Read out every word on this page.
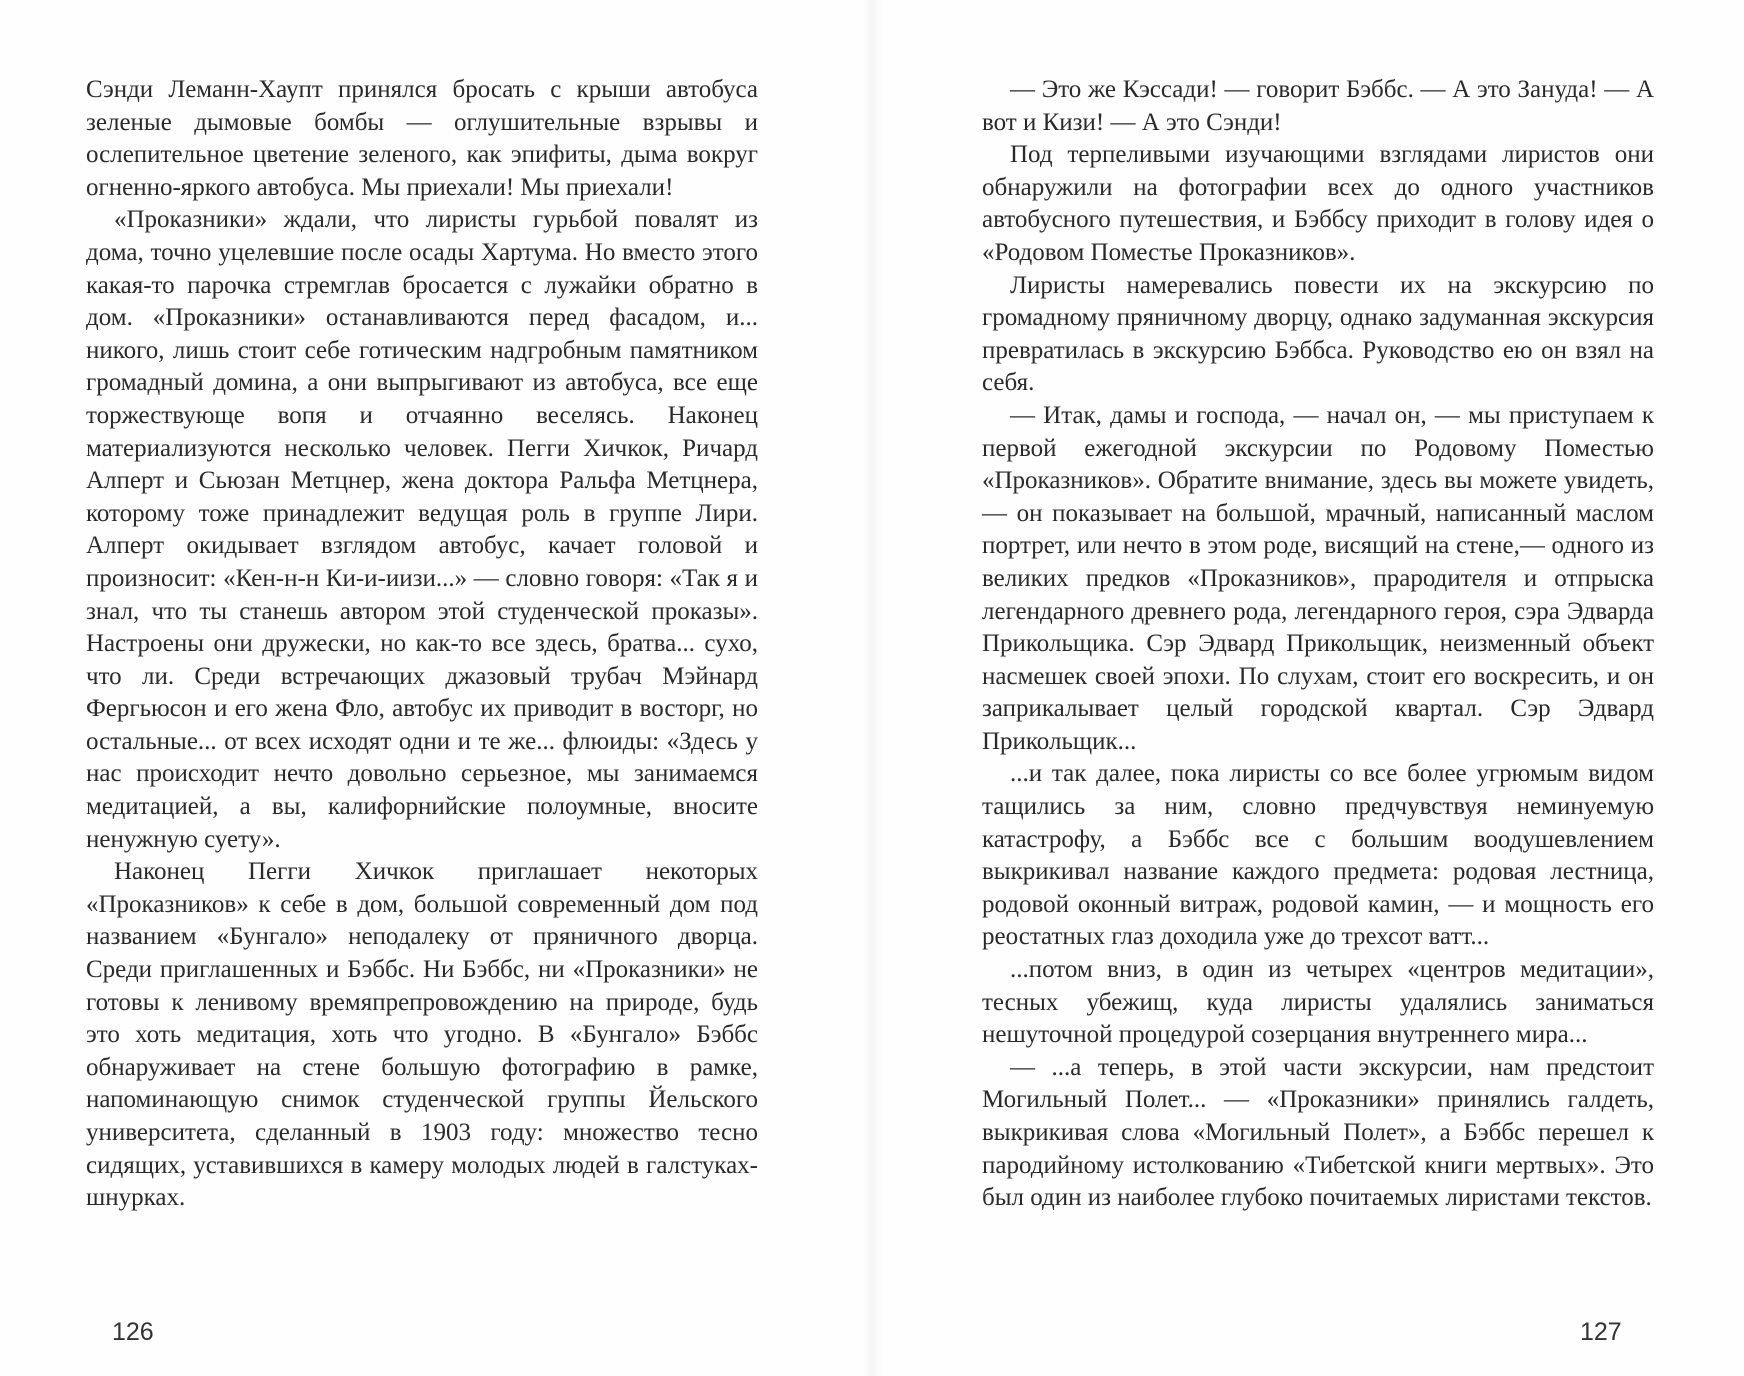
Сэнди Леманн-Хаупт принялся бросать с крыши автобуса зеленые дымовые бомбы — оглушительные взрывы и ослепительное цветение зеленого, как эпифиты, дыма вокруг огненно-яркого автобуса. Мы приехали! Мы приехали!

«Проказники» ждали, что лиристы гурьбой повалят из дома, точно уцелевшие после осады Хартума. Но вместо этого какая-то парочка стремглав бросается с лужайки обратно в дом. «Проказники» останавливаются перед фасадом, и... никого, лишь стоит себе готическим надгробным памятником громадный домина, а они выпрыгивают из автобуса, все еще торжествующе вопя и отчаянно веселясь. Наконец материализуются несколько человек. Пегги Хичкок, Ричард Алперт и Сьюзан Метцнер, жена доктора Ральфа Метцнера, которому тоже принадлежит ведущая роль в группе Лири. Алперт окидывает взглядом автобус, качает головой и произносит: «Кен-н-н Ки-и-иизи...» — словно говоря: «Так я и знал, что ты станешь автором этой студенческой проказы». Настроены они дружески, но как-то все здесь, братва... сухо, что ли. Среди встречающих джазовый трубач Мэйнард Фергьюсон и его жена Фло, автобус их приводит в восторг, но остальные... от всех исходят одни и те же... флюиды: «Здесь у нас происходит нечто довольно серьезное, мы занимаемся медитацией, а вы, калифорнийские полоумные, вносите ненужную суету».

Наконец Пегги Хичкок приглашает некоторых «Проказников» к себе в дом, большой современный дом под названием «Бунгало» неподалеку от пряничного дворца. Среди приглашенных и Бэббс. Ни Бэббс, ни «Проказники» не готовы к ленивому времяпрепровождению на природе, будь это хоть медитация, хоть что угодно. В «Бунгало» Бэббс обнаруживает на стене большую фотографию в рамке, напоминающую снимок студенческой группы Йельского университета, сделанный в 1903 году: множество тесно сидящих, уставившихся в камеру молодых людей в галстуках-шнурках.

126

— Это же Кэссади! — говорит Бэббс. — А это Зануда! — А вот и Кизи! — А это Сэнди!

Под терпеливыми изучающими взглядами лиристов они обнаружили на фотографии всех до одного участников автобусного путешествия, и Бэббсу приходит в голову идея о «Родовом Поместье Проказников».

Лиристы намеревались повести их на экскурсию по громадному пряничному дворцу, однако задуманная экскурсия превратилась в экскурсию Бэббса. Руководство ею он взял на себя.

— Итак, дамы и господа, — начал он, — мы приступаем к первой ежегодной экскурсии по Родовому Поместью «Проказников». Обратите внимание, здесь вы можете увидеть, — он показывает на большой, мрачный, написанный маслом портрет, или нечто в этом роде, висящий на стене,— одного из великих предков «Проказников», прародителя и отпрыска легендарного древнего рода, легендарного героя, сэра Эдварда Прикольщика. Сэр Эдвард Прикольщик, неизменный объект насмешек своей эпохи. По слухам, стоит его воскресить, и он заприкалывает целый городской квартал. Сэр Эдвард Прикольщик...

...и так далее, пока лиристы со все более угрюмым видом тащились за ним, словно предчувствуя неминуемую катастрофу, а Бэббс все с большим воодушевлением выкрикивал название каждого предмета: родовая лестница, родовой оконный витраж, родовой камин, — и мощность его реостатных глаз доходила уже до трехсот ватт...

...потом вниз, в один из четырех «центров медитации», тесных убежищ, куда лиристы удалялись заниматься нешуточной процедурой созерцания внутреннего мира...

— ...а теперь, в этой части экскурсии, нам предстоит Могильный Полет... — «Проказники» принялись галдеть, выкрикивая слова «Могильный Полет», а Бэббс перешел к пародийному истолкованию «Тибетской книги мертвых». Это был один из наиболее глубоко почитаемых лиристами текстов.

127
